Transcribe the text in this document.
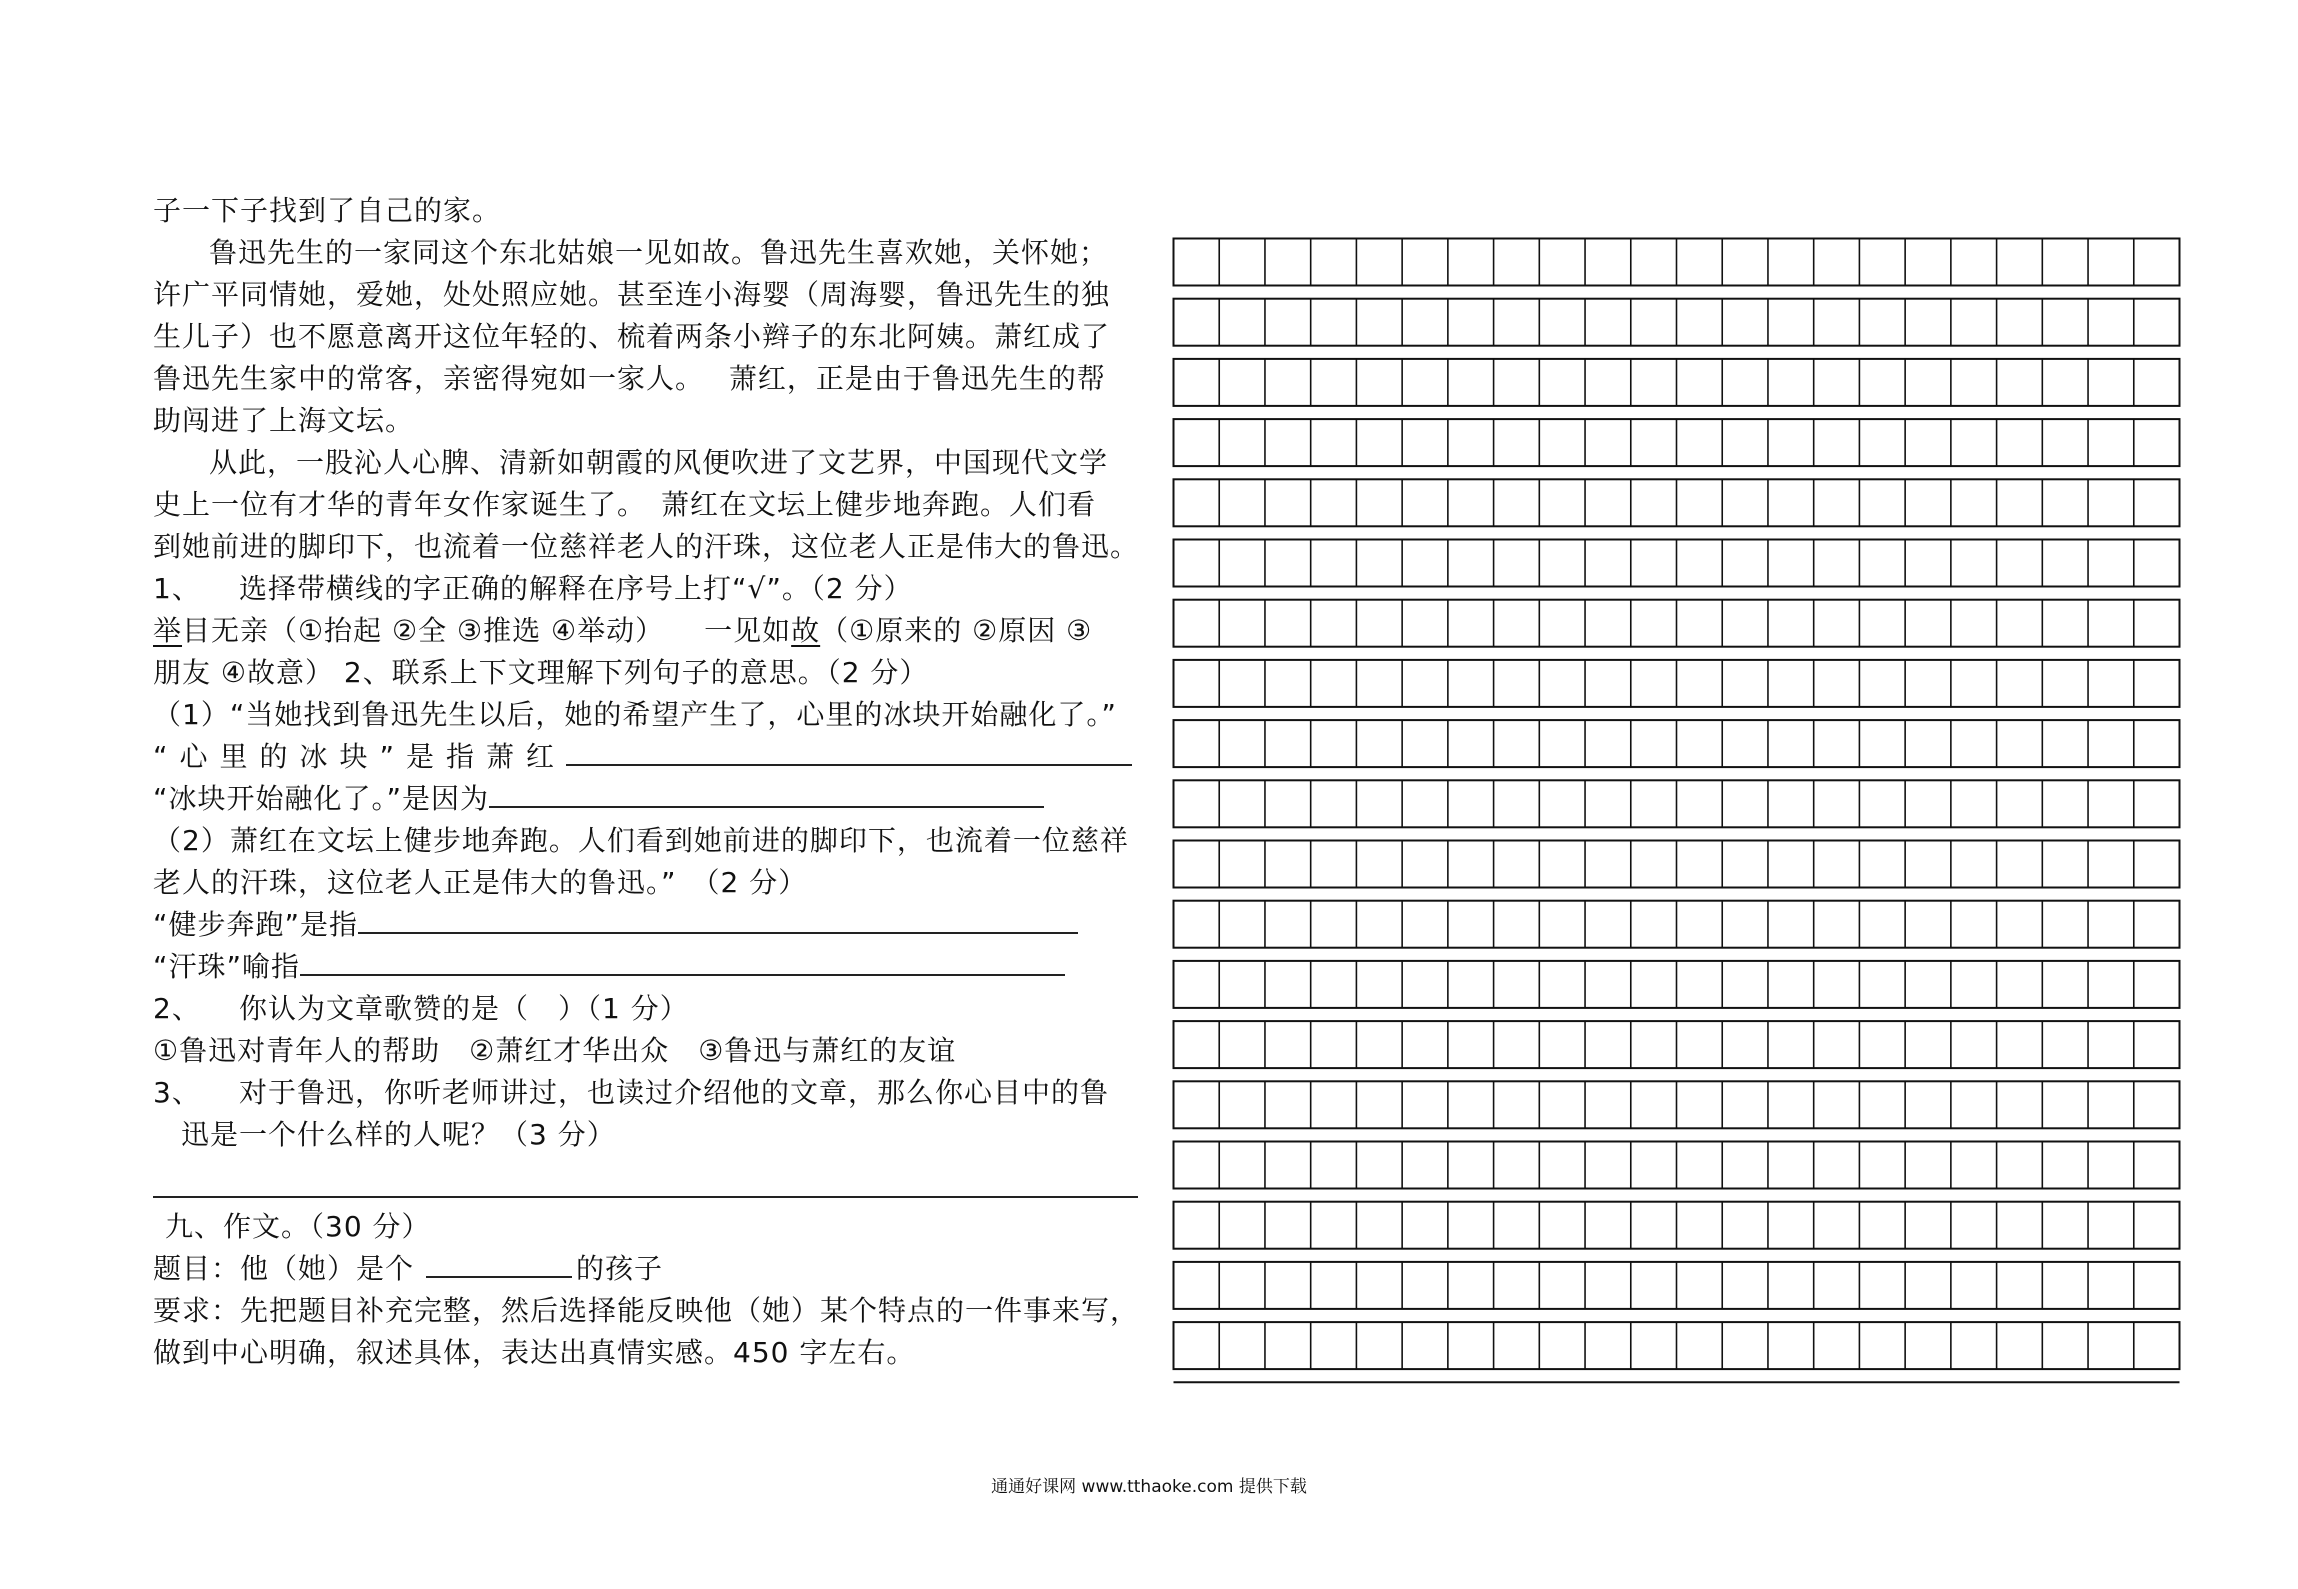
子一下子找到了自己的家。
鲁迅先生的一家同这个东北姑娘一见如故。鲁迅先生喜欢她，关怀她；
许广平同情她，爱她，处处照应她。甚至连小海婴（周海婴，鲁迅先生的独
生儿子）也不愿意离开这位年轻的、梳着两条小辫子的东北阿姨。萧红成了
鲁迅先生家中的常客，亲密得宛如一家人。　 萧红，正是由于鲁迅先生的帮
助闯进了上海文坛。
从此，一股沁人心脾、清新如朝霞的风便吹进了文艺界，中国现代文学
史上一位有才华的青年女作家诞生了。　萧红在文坛上健步地奔跑。人们看
到她前进的脚印下，也流着一位慈祥老人的汗珠，这位老人正是伟大的鲁迅。
1、 选择带横线的字正确的解释在序号上打“√”。（2 分）
举目无亲（①抬起 ②全 ③推选 ④举动） 一见如故（①原来的 ②原因 ③
朋友 ④故意） 2、联系上下文理解下列句子的意思。（2 分）
（1）“当她找到鲁迅先生以后，她的希望产生了，心里的冰块开始融化了。”
“心里的冰块”是指萧红
“冰块开始融化了。”是因为
（2）萧红在文坛上健步地奔跑。人们看到她前进的脚印下，也流着一位慈祥
老人的汗珠，这位老人正是伟大的鲁迅。”　（2 分）
“健步奔跑”是指
“汗珠”喻指
2、 你认为文章歌赞的是（　）（1 分）
①鲁迅对青年人的帮助　②萧红才华出众　③鲁迅与萧红的友谊
3、 对于鲁迅，你听老师讲过，也读过介绍他的文章，那么你心目中的鲁
迅是一个什么样的人呢？（3 分）
九、作文。（30 分）
题目：他（她）是个	的孩子
要求：先把题目补充完整，然后选择能反映他（她）某个特点的一件事来写，
做到中心明确，叙述具体，表达出真情实感。450 字左右。
通通好课网 www.tthaoke.com 提供下载
